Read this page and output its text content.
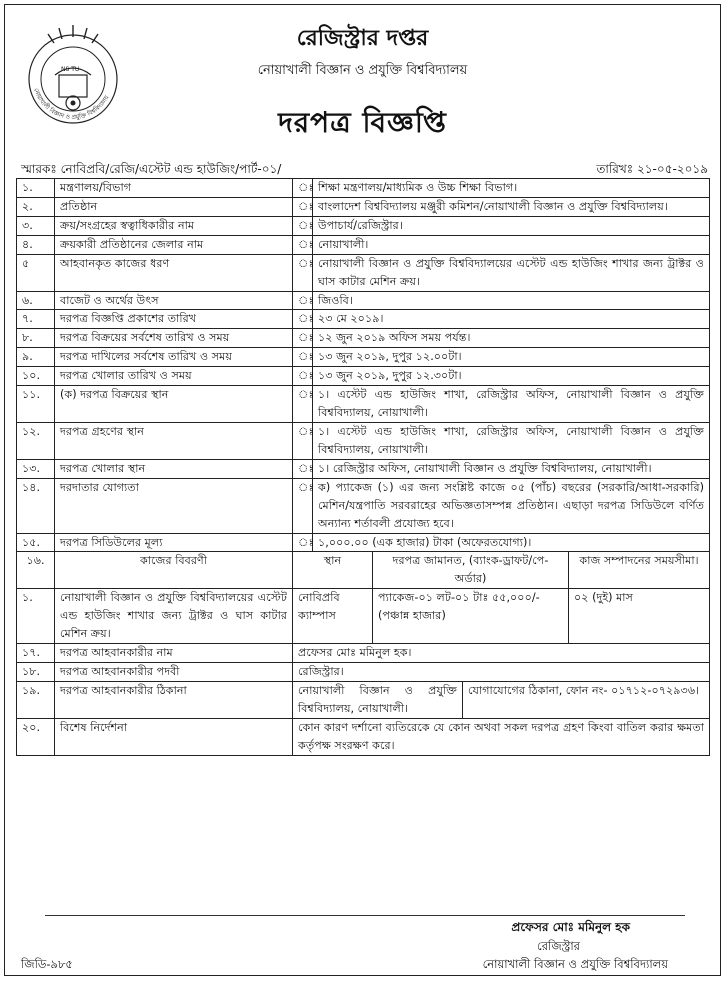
NS TU
নোয়াখালী বিজ্ঞান ও প্রযুক্তি বিশ্ববিদ্যালয়
রেজিস্ট্রার দপ্তর
নোয়াখালী বিজ্ঞান ও প্রযুক্তি বিশ্ববিদ্যালয়
দরপত্র বিজ্ঞপ্তি
স্মারকঃ নোবিপ্রবি/রেজি/এস্টেট এন্ড হাউজিং/পার্ট-০১/	তারিখঃ ২১-০৫-২০১৯
১.	মন্ত্রণালয়/বিভাগ	ঃ	শিক্ষা মন্ত্রণালয়/মাধ্যমিক ও উচ্চ শিক্ষা বিভাগ।			
২.	প্রতিষ্ঠান	ঃ	বাংলাদেশ বিশ্ববিদ্যালয় মঞ্জুরী কমিশন/নোয়াখালী বিজ্ঞান ও প্রযুক্তি বিশ্ববিদ্যালয়।			
৩.	ক্রয়/সংগ্রহের স্বত্বাধিকারীর নাম	ঃ	উপাচার্য/রেজিস্ট্রার।			
৪.	ক্রয়কারী প্রতিষ্ঠানের জেলার নাম	ঃ	নোয়াখালী।			
৫	আহবানকৃত কাজের ধরণ	ঃ	নোয়াখালী বিজ্ঞান ও প্রযুক্তি বিশ্ববিদ্যালয়ের এস্টেট এন্ড হাউজিং শাখার জন্য ট্রাক্টর ও ঘাস কাটার মেশিন ক্রয়।			
৬.	বাজেট ও অর্থের উৎস	ঃ	জিওবি।			
৭.	দরপত্র বিজ্ঞপ্তি প্রকাশের তারিখ	ঃ	২৩ মে ২০১৯।			
৮.	দরপত্র বিক্রয়ের সর্বশেষ তারিখ ও সময়	ঃ	১২ জুন ২০১৯ অফিস সময় পর্যন্ত।			
৯.	দরপত্র দাখিলের সর্বশেষ তারিখ ও সময়	ঃ	১৩ জুন ২০১৯, দুপুর ১২.০০টা।			
১০.	দরপত্র খোলার তারিখ ও সময়	ঃ	১৩ জুন ২০১৯, দুপুর ১২.৩০টা।			
১১.	(ক) দরপত্র বিক্রয়ের স্থান	ঃ	১। এস্টেট এন্ড হাউজিং শাখা, রেজিস্ট্রার অফিস, নোয়াখালী বিজ্ঞান ও প্রযুক্তি বিশ্ববিদ্যালয়, নোয়াখালী।			
১২.	দরপত্র গ্রহণের স্থান	ঃ	১। এস্টেট এন্ড হাউজিং শাখা, রেজিস্ট্রার অফিস, নোয়াখালী বিজ্ঞান ও প্রযুক্তি বিশ্ববিদ্যালয়, নোয়াখালী।			
১৩.	দরপত্র খোলার স্থান	ঃ	১। রেজিস্ট্রার অফিস, নোয়াখালী বিজ্ঞান ও প্রযুক্তি বিশ্ববিদ্যালয়, নোয়াখালী।			
১৪.	দরদাতার যোগ্যতা	ঃ	ক) প্যাকেজ (১) এর জন্য সংশ্লিষ্ট কাজে ০৫ (পাঁচ) বছরের (সরকারি/আধা-সরকারি) মেশিন/যন্ত্রপাতি সরবরাহের অভিজ্ঞতাসম্পন্ন প্রতিষ্ঠান। এছাড়া দরপত্র সিডিউলে বর্ণিত অন্যান্য শর্তাবলী প্রযোজ্য হবে।			
১৫.	দরপত্র সিডিউলের মূল্য	ঃ	১,০০০.০০ (এক হাজার) টাকা (অফেরতযোগ্য)।			
১৬.	কাজের বিবরণী	স্থান		দরপত্র জামানত, (ব্যাংক-ড্রাফট/পে-অর্ডার)		কাজ সম্পাদনের সময়সীমা।
১.	নোয়াখালী বিজ্ঞান ও প্রযুক্তি বিশ্ববিদ্যালয়ের এস্টেট এন্ড হাউজিং শাখার জন্য ট্রাক্টর ও ঘাস কাটার মেশিন ক্রয়।	নোবিপ্রবি ক্যাম্পাস		প্যাকেজ-০১ লট-০১ টাঃ ৫৫,০০০/- (পঞ্চান্ন হাজার)		০২ (দুই) মাস
১৭.	দরপত্র আহবানকারীর নাম	প্রফেসর মোঃ মমিনুল হক।				
১৮.	দরপত্র আহবানকারীর পদবী	রেজিস্ট্রার।				
১৯.	দরপত্র আহবানকারীর ঠিকানা	নোয়াখালী বিজ্ঞান ও প্রযুক্তি বিশ্ববিদ্যালয়, নোয়াখালী।			যোগাযোগের ঠিকানা, ফোন নং- ০১৭১২-০৭২৯৩৬।	
২০.	বিশেষ নির্দেশনা	কোন কারণ দর্শানো ব্যতিরেকে যে কোন অথবা সকল দরপত্র গ্রহণ কিংবা বাতিল করার ক্ষমতা কর্তৃপক্ষ সংরক্ষণ করে।				
প্রফেসর মোঃ মমিনুল হক
রেজিস্ট্রার
নোয়াখালী বিজ্ঞান ও প্রযুক্তি বিশ্ববিদ্যালয়
জিডি-৯৮৫
